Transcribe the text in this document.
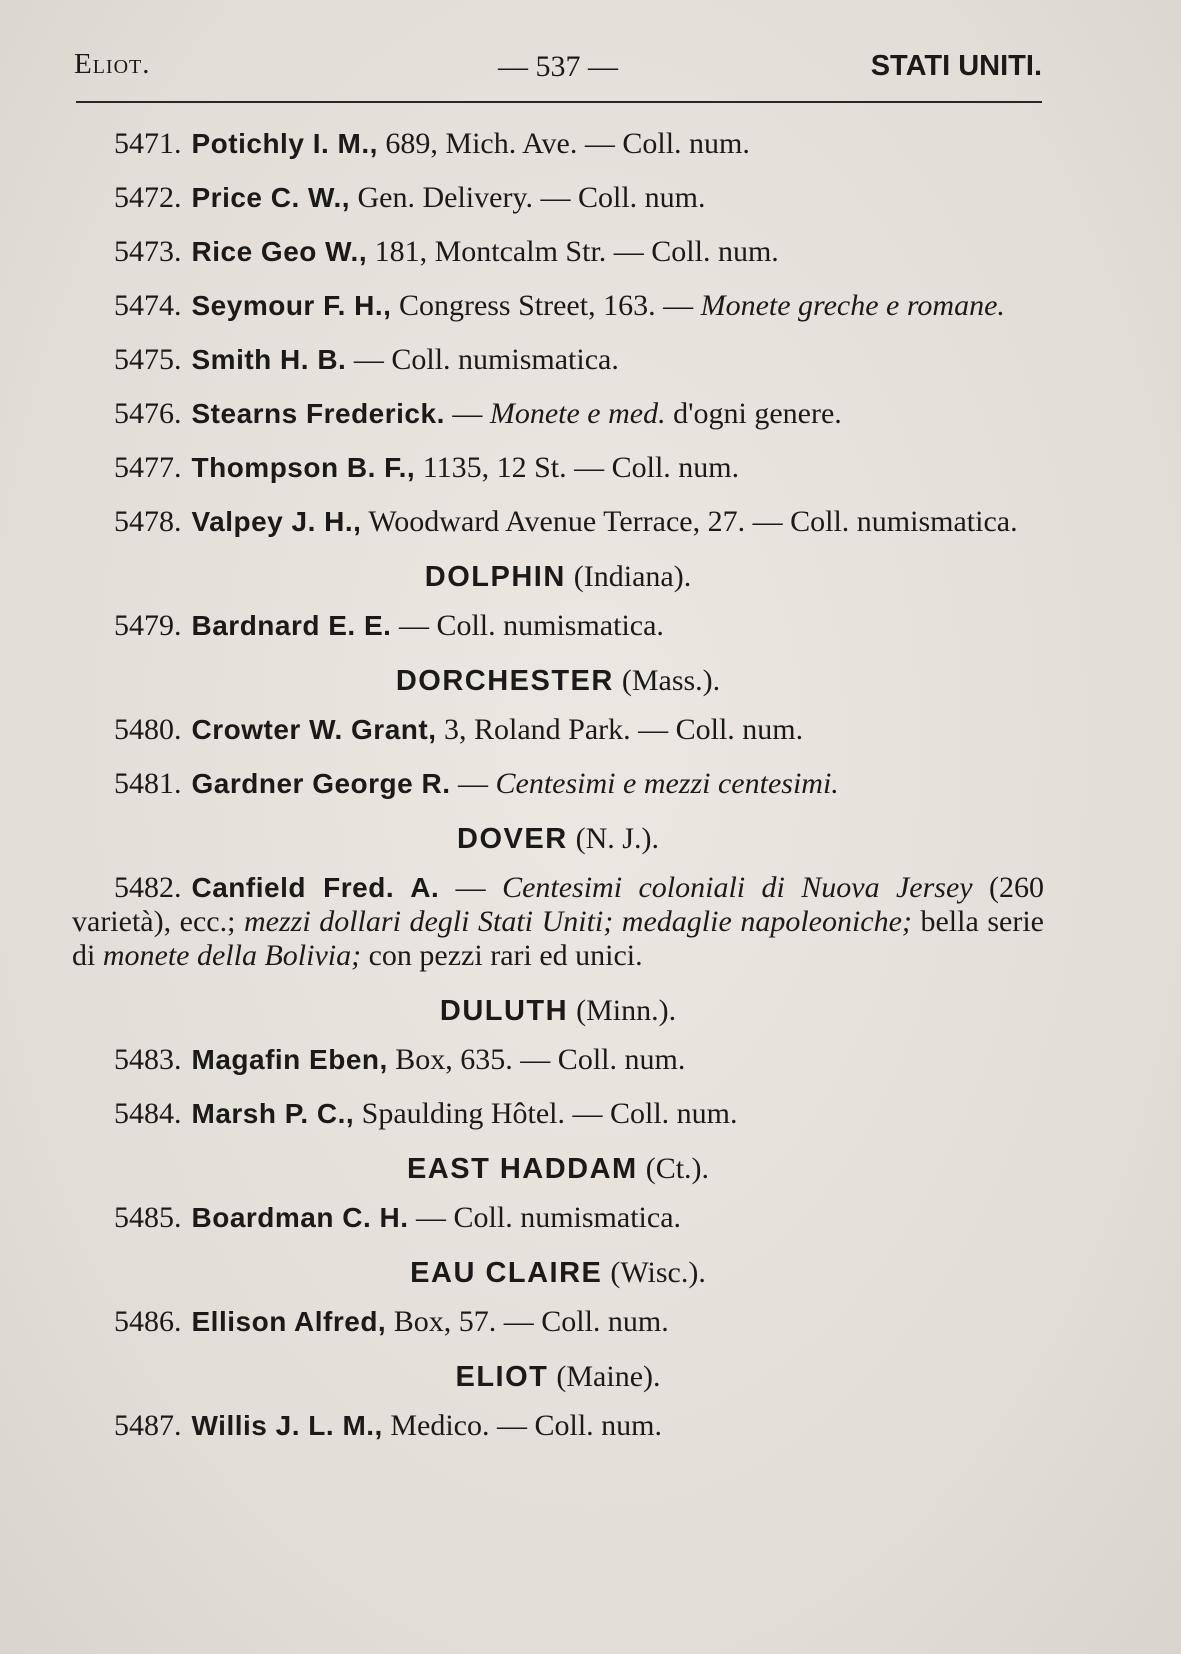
Eliot.	— 537 —	STATI UNITI.
5471. Potichly I. M., 689, Mich. Ave. — Coll. num.
5472. Price C. W., Gen. Delivery. — Coll. num.
5473. Rice Geo W., 181, Montcalm Str. — Coll. num.
5474. Seymour F. H., Congress Street, 163. — Monete greche e romane.
5475. Smith H. B. — Coll. numismatica.
5476. Stearns Frederick. — Monete e med. d'ogni genere.
5477. Thompson B. F., 1135, 12 St. — Coll. num.
5478. Valpey J. H., Woodward Avenue Terrace, 27. — Coll. numismatica.
DOLPHIN (Indiana).
5479. Bardnard E. E. — Coll. numismatica.
DORCHESTER (Mass.).
5480. Crowter W. Grant, 3, Roland Park. — Coll. num.
5481. Gardner George R. — Centesimi e mezzi centesimi.
DOVER (N. J.).
5482. Canfield Fred. A. — Centesimi coloniali di Nuova Jersey (260 varietà), ecc.; mezzi dollari degli Stati Uniti; medaglie napoleoniche; bella serie di monete della Bolivia; con pezzi rari ed unici.
DULUTH (Minn.).
5483. Magafin Eben, Box, 635. — Coll. num.
5484. Marsh P. C., Spaulding Hôtel. — Coll. num.
EAST HADDAM (Ct.).
5485. Boardman C. H. — Coll. numismatica.
EAU CLAIRE (Wisc.).
5486. Ellison Alfred, Box, 57. — Coll. num.
ELIOT (Maine).
5487. Willis J. L. M., Medico. — Coll. num.
